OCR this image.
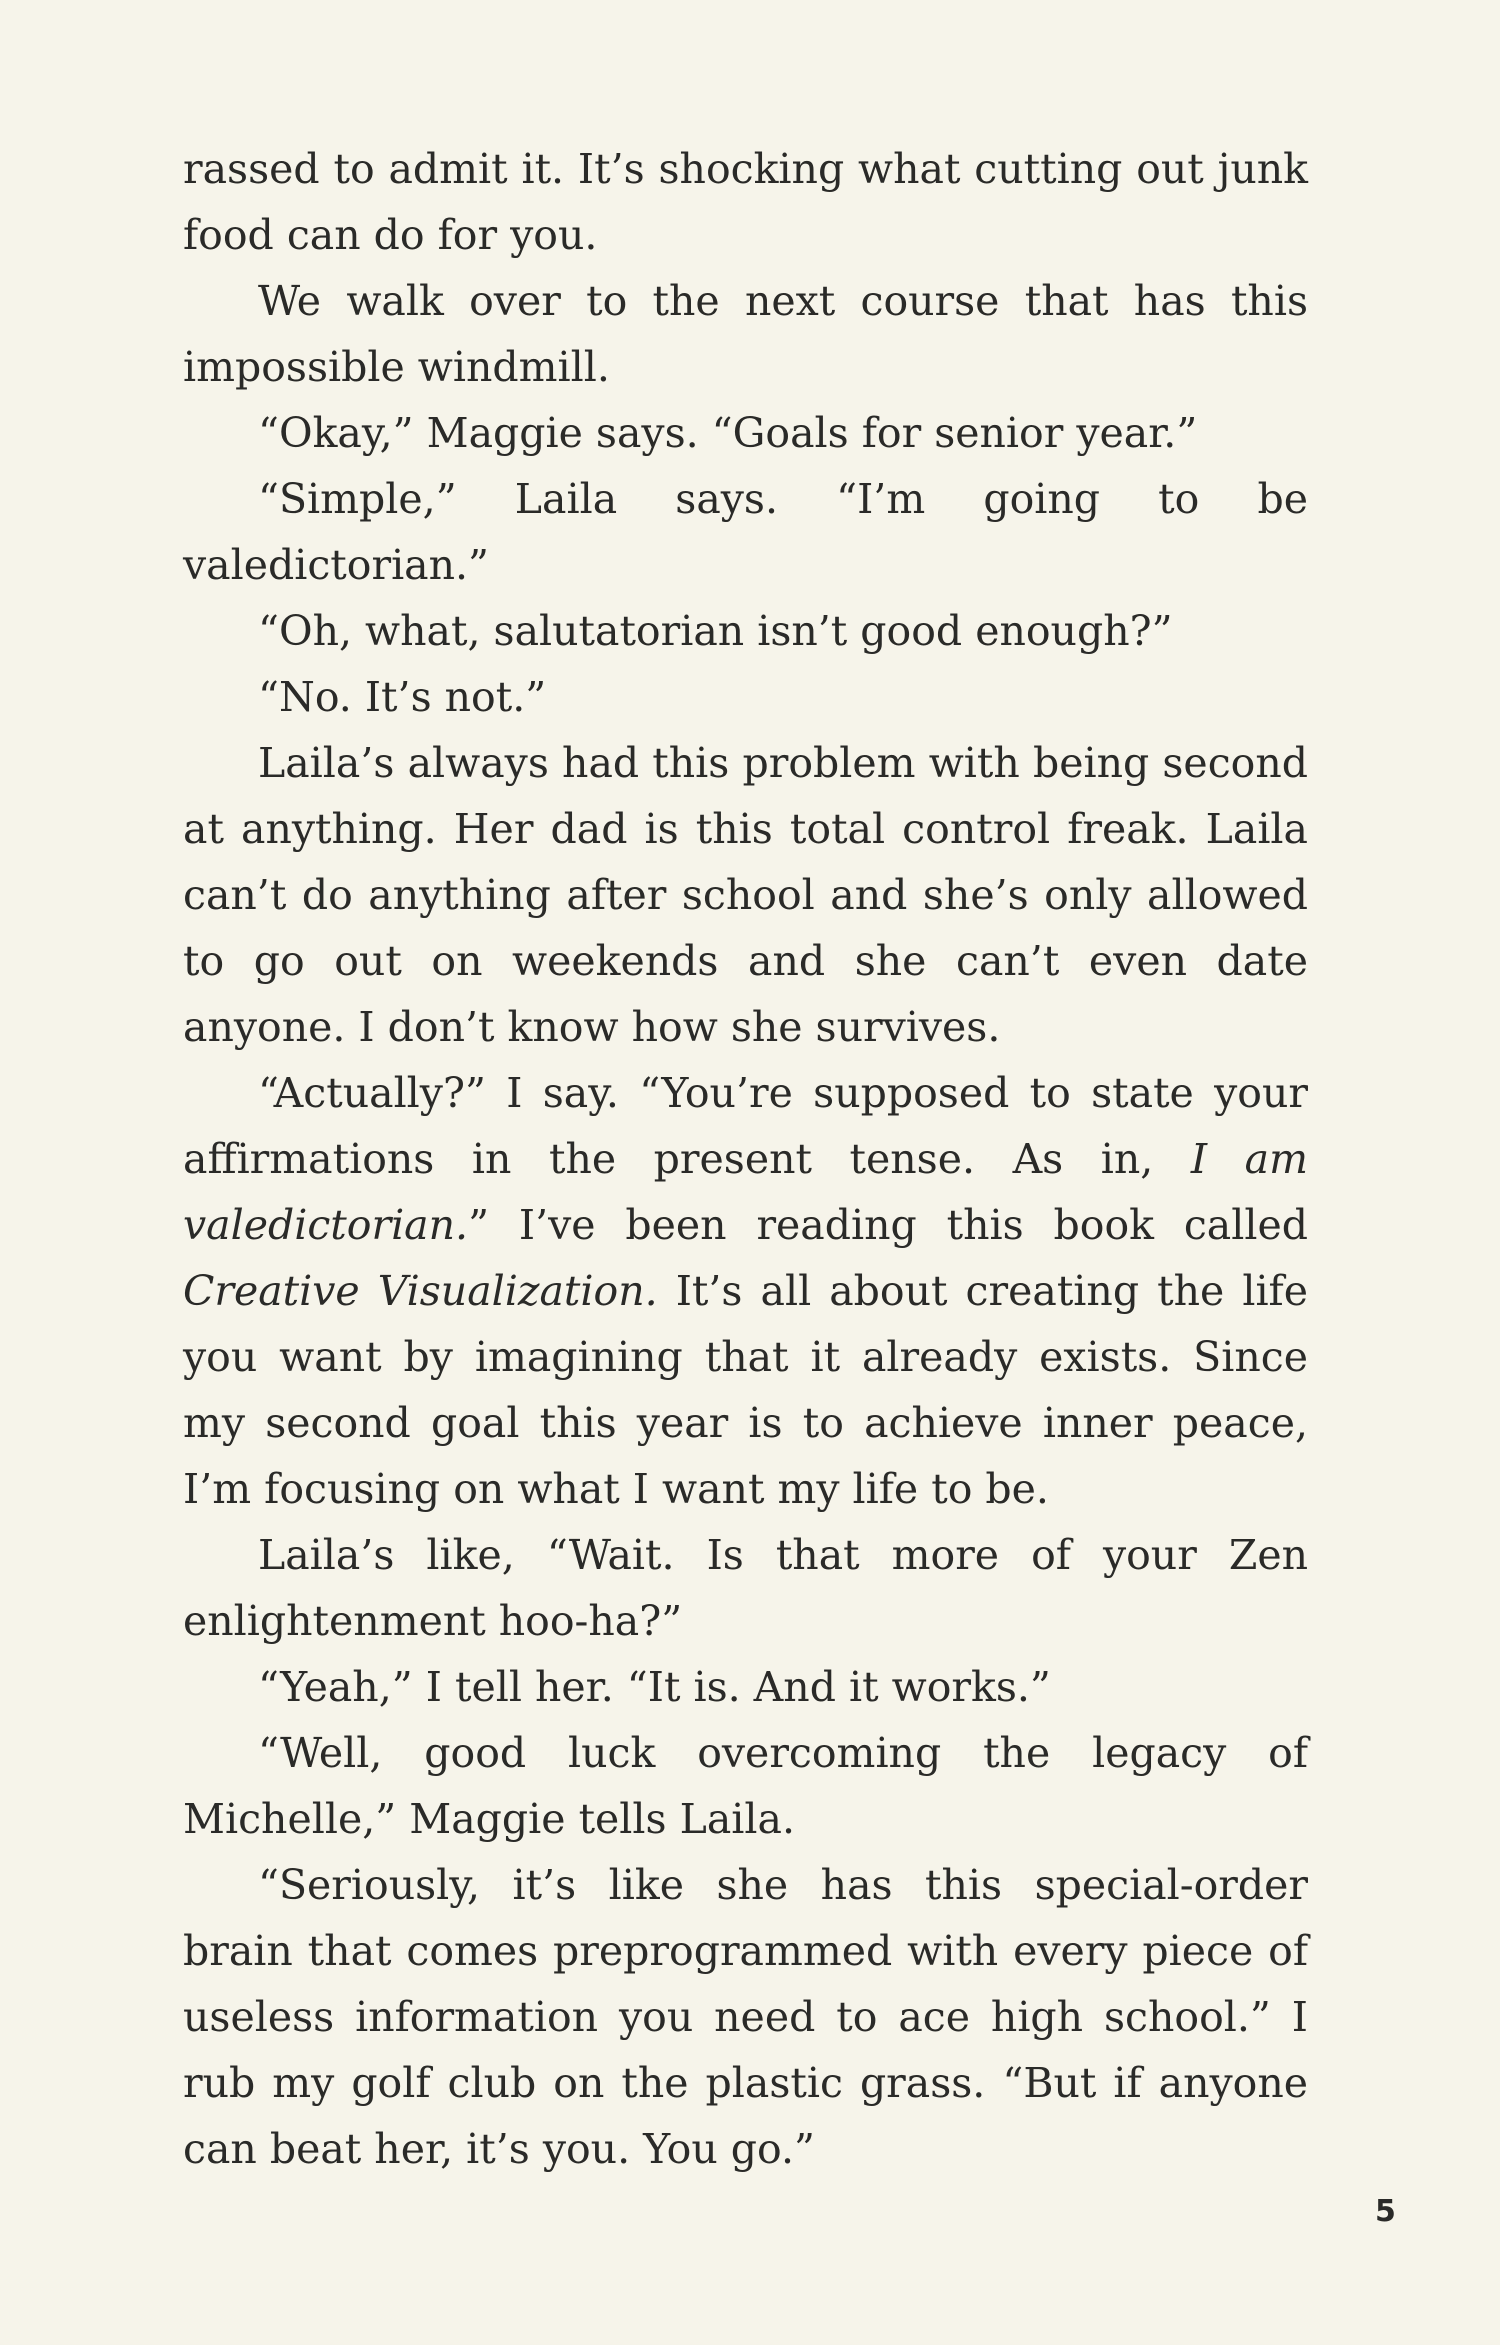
rassed to admit it. It’s shocking what cutting out junk food can do for you.

We walk over to the next course that has this impossible windmill.

“Okay,” Maggie says. “Goals for senior year.”

“Simple,” Laila says. “I’m going to be valedictorian.”

“Oh, what, salutatorian isn’t good enough?”

“No. It’s not.”

Laila’s always had this problem with being second at anything. Her dad is this total control freak. Laila can’t do anything after school and she’s only allowed to go out on weekends and she can’t even date anyone. I don’t know how she survives.

“Actually?” I say. “You’re supposed to state your affirmations in the present tense. As in, I am valedictorian.” I’ve been reading this book called Creative Visualization. It’s all about creating the life you want by imagining that it already exists. Since my second goal this year is to achieve inner peace, I’m focusing on what I want my life to be.

Laila’s like, “Wait. Is that more of your Zen enlightenment hoo-ha?”

“Yeah,” I tell her. “It is. And it works.”

“Well, good luck overcoming the legacy of Michelle,” Maggie tells Laila.

“Seriously, it’s like she has this special-order brain that comes preprogrammed with every piece of useless information you need to ace high school.” I rub my golf club on the plastic grass. “But if anyone can beat her, it’s you. You go.”

5
